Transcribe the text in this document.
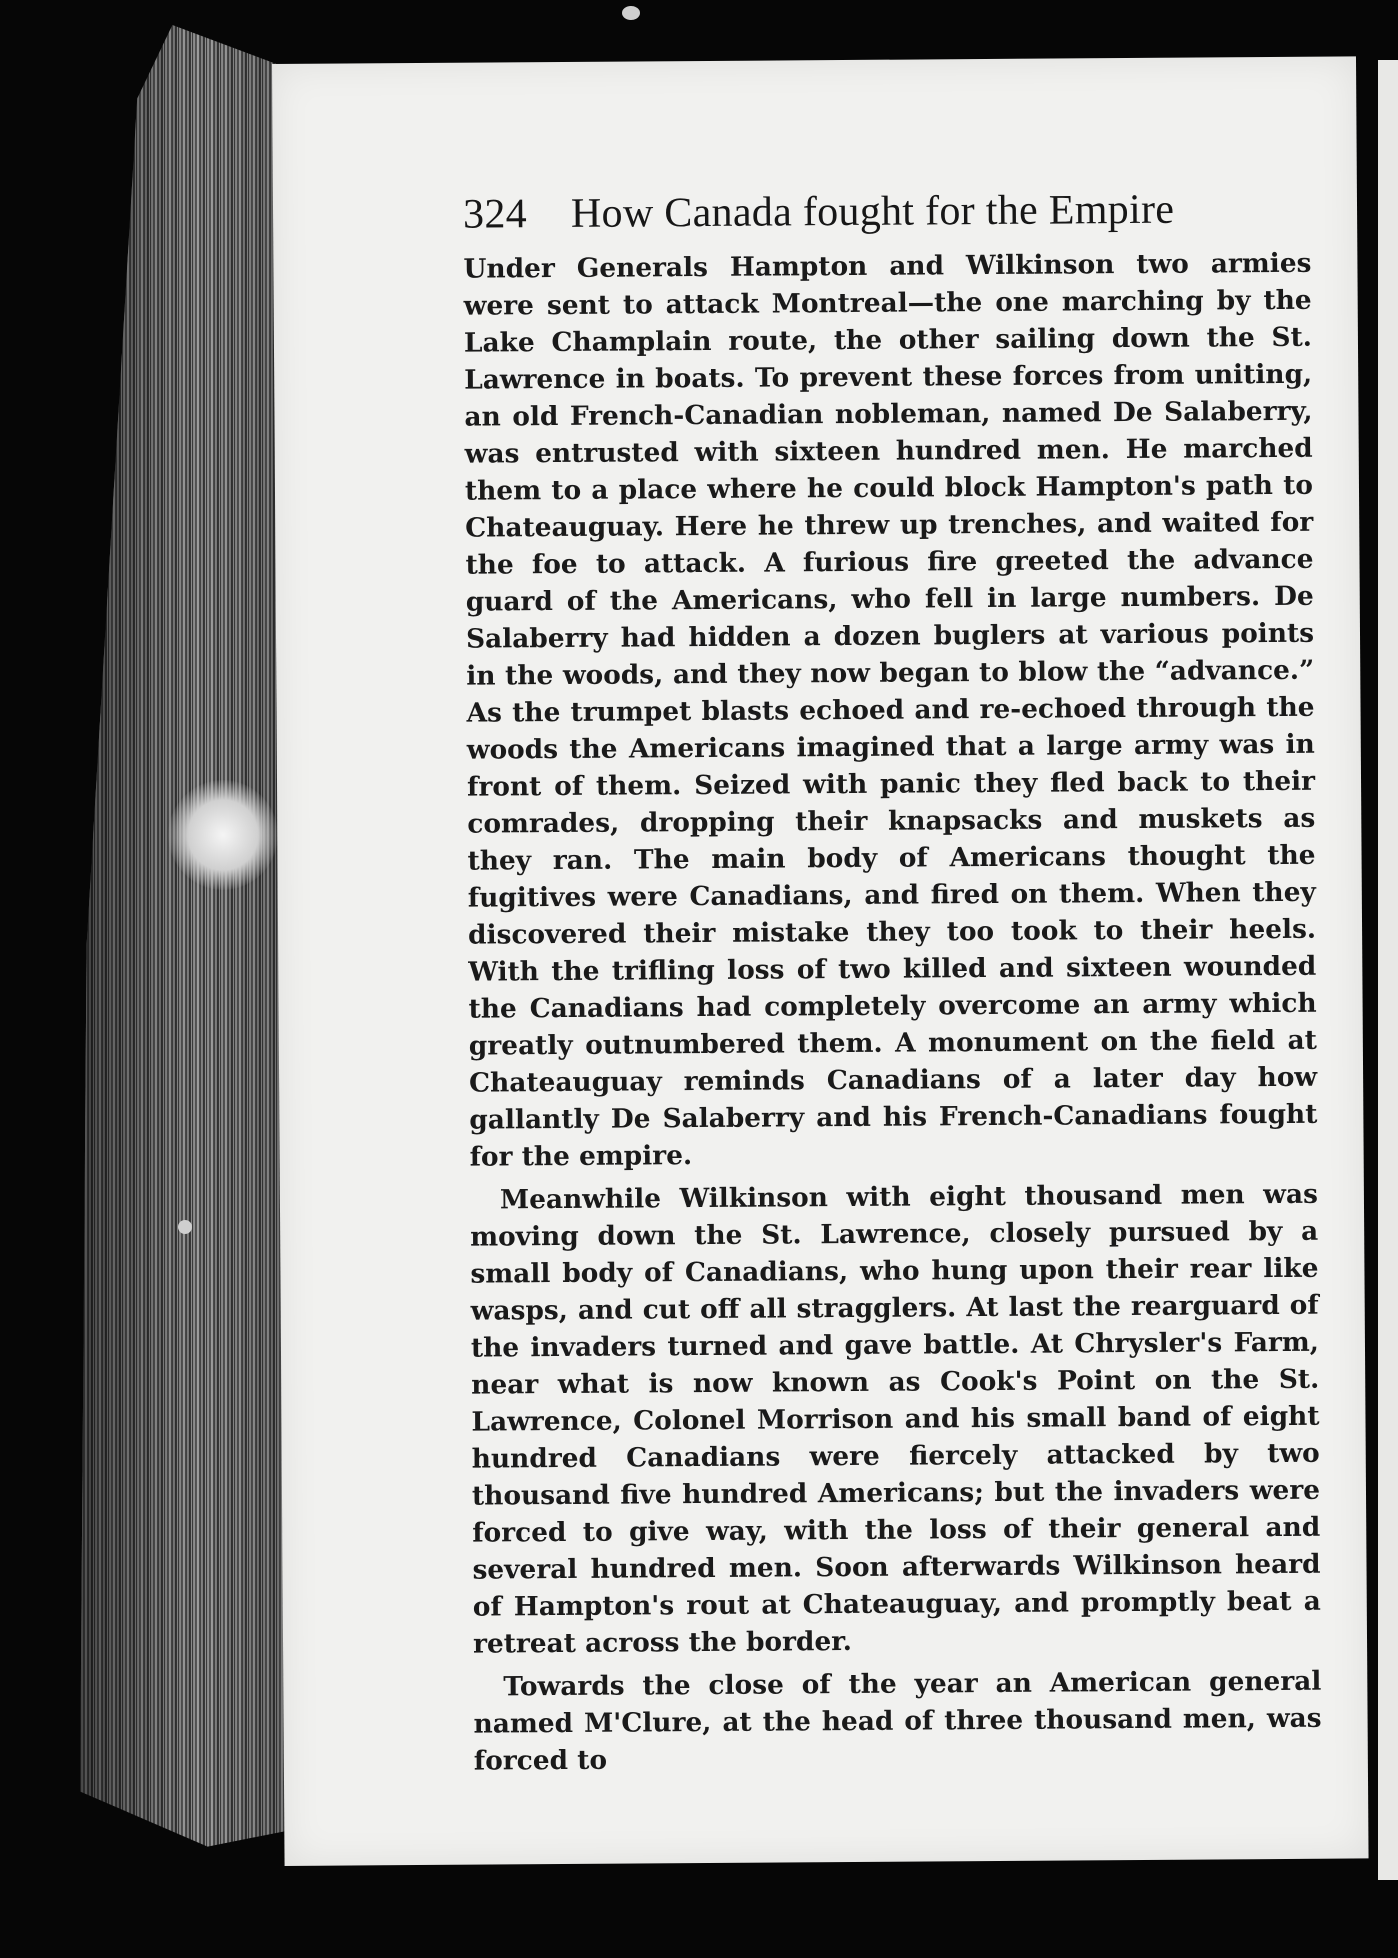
324 How Canada fought for the Empire

Under Generals Hampton and Wilkinson two armies were sent to attack Montreal—the one marching by the Lake Champlain route, the other sailing down the St. Lawrence in boats. To prevent these forces from uniting, an old French-Canadian nobleman, named De Salaberry, was entrusted with sixteen hundred men. He marched them to a place where he could block Hampton's path to Chateauguay. Here he threw up trenches, and waited for the foe to attack. A furious fire greeted the advance guard of the Americans, who fell in large numbers. De Salaberry had hidden a dozen buglers at various points in the woods, and they now began to blow the “advance.” As the trumpet blasts echoed and re-echoed through the woods the Americans imagined that a large army was in front of them. Seized with panic they fled back to their comrades, dropping their knapsacks and muskets as they ran. The main body of Americans thought the fugitives were Canadians, and fired on them. When they discovered their mistake they too took to their heels. With the trifling loss of two killed and sixteen wounded the Canadians had completely overcome an army which greatly outnumbered them. A monument on the field at Chateauguay reminds Canadians of a later day how gallantly De Salaberry and his French-Canadians fought for the empire.

Meanwhile Wilkinson with eight thousand men was moving down the St. Lawrence, closely pursued by a small body of Canadians, who hung upon their rear like wasps, and cut off all stragglers. At last the rearguard of the invaders turned and gave battle. At Chrysler's Farm, near what is now known as Cook's Point on the St. Lawrence, Colonel Morrison and his small band of eight hundred Canadians were fiercely attacked by two thousand five hundred Americans; but the invaders were forced to give way, with the loss of their general and several hundred men. Soon afterwards Wilkinson heard of Hampton's rout at Chateauguay, and promptly beat a retreat across the border.

Towards the close of the year an American general named M'Clure, at the head of three thousand men, was forced to
